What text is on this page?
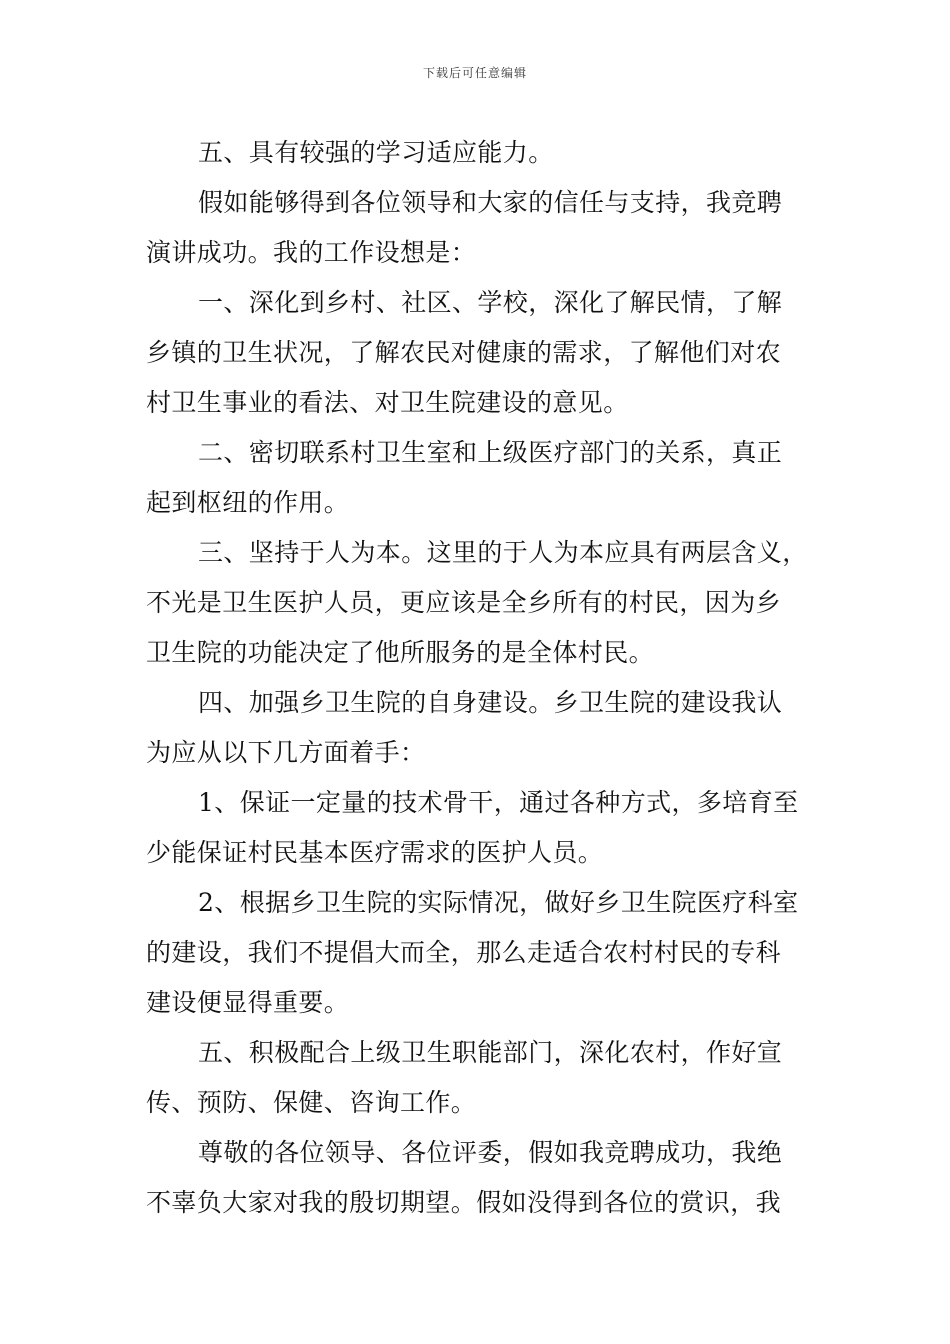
下载后可任意编辑
五、具有较强的学习适应能力。
假如能够得到各位领导和大家的信任与支持，我竞聘
演讲成功。我的工作设想是：
一、深化到乡村、社区、学校，深化了解民情，了解
乡镇的卫生状况，了解农民对健康的需求，了解他们对农
村卫生事业的看法、对卫生院建设的意见。
二、密切联系村卫生室和上级医疗部门的关系，真正
起到枢纽的作用。
三、坚持于人为本。这里的于人为本应具有两层含义，
不光是卫生医护人员，更应该是全乡所有的村民，因为乡
卫生院的功能决定了他所服务的是全体村民。
四、加强乡卫生院的自身建设。乡卫生院的建设我认
为应从以下几方面着手：
1、保证一定量的技术骨干，通过各种方式，多培育至
少能保证村民基本医疗需求的医护人员。
2、根据乡卫生院的实际情况，做好乡卫生院医疗科室
的建设，我们不提倡大而全，那么走适合农村村民的专科
建设便显得重要。
五、积极配合上级卫生职能部门，深化农村，作好宣
传、预防、保健、咨询工作。
尊敬的各位领导、各位评委，假如我竞聘成功，我绝
不辜负大家对我的殷切期望。假如没得到各位的赏识，我
